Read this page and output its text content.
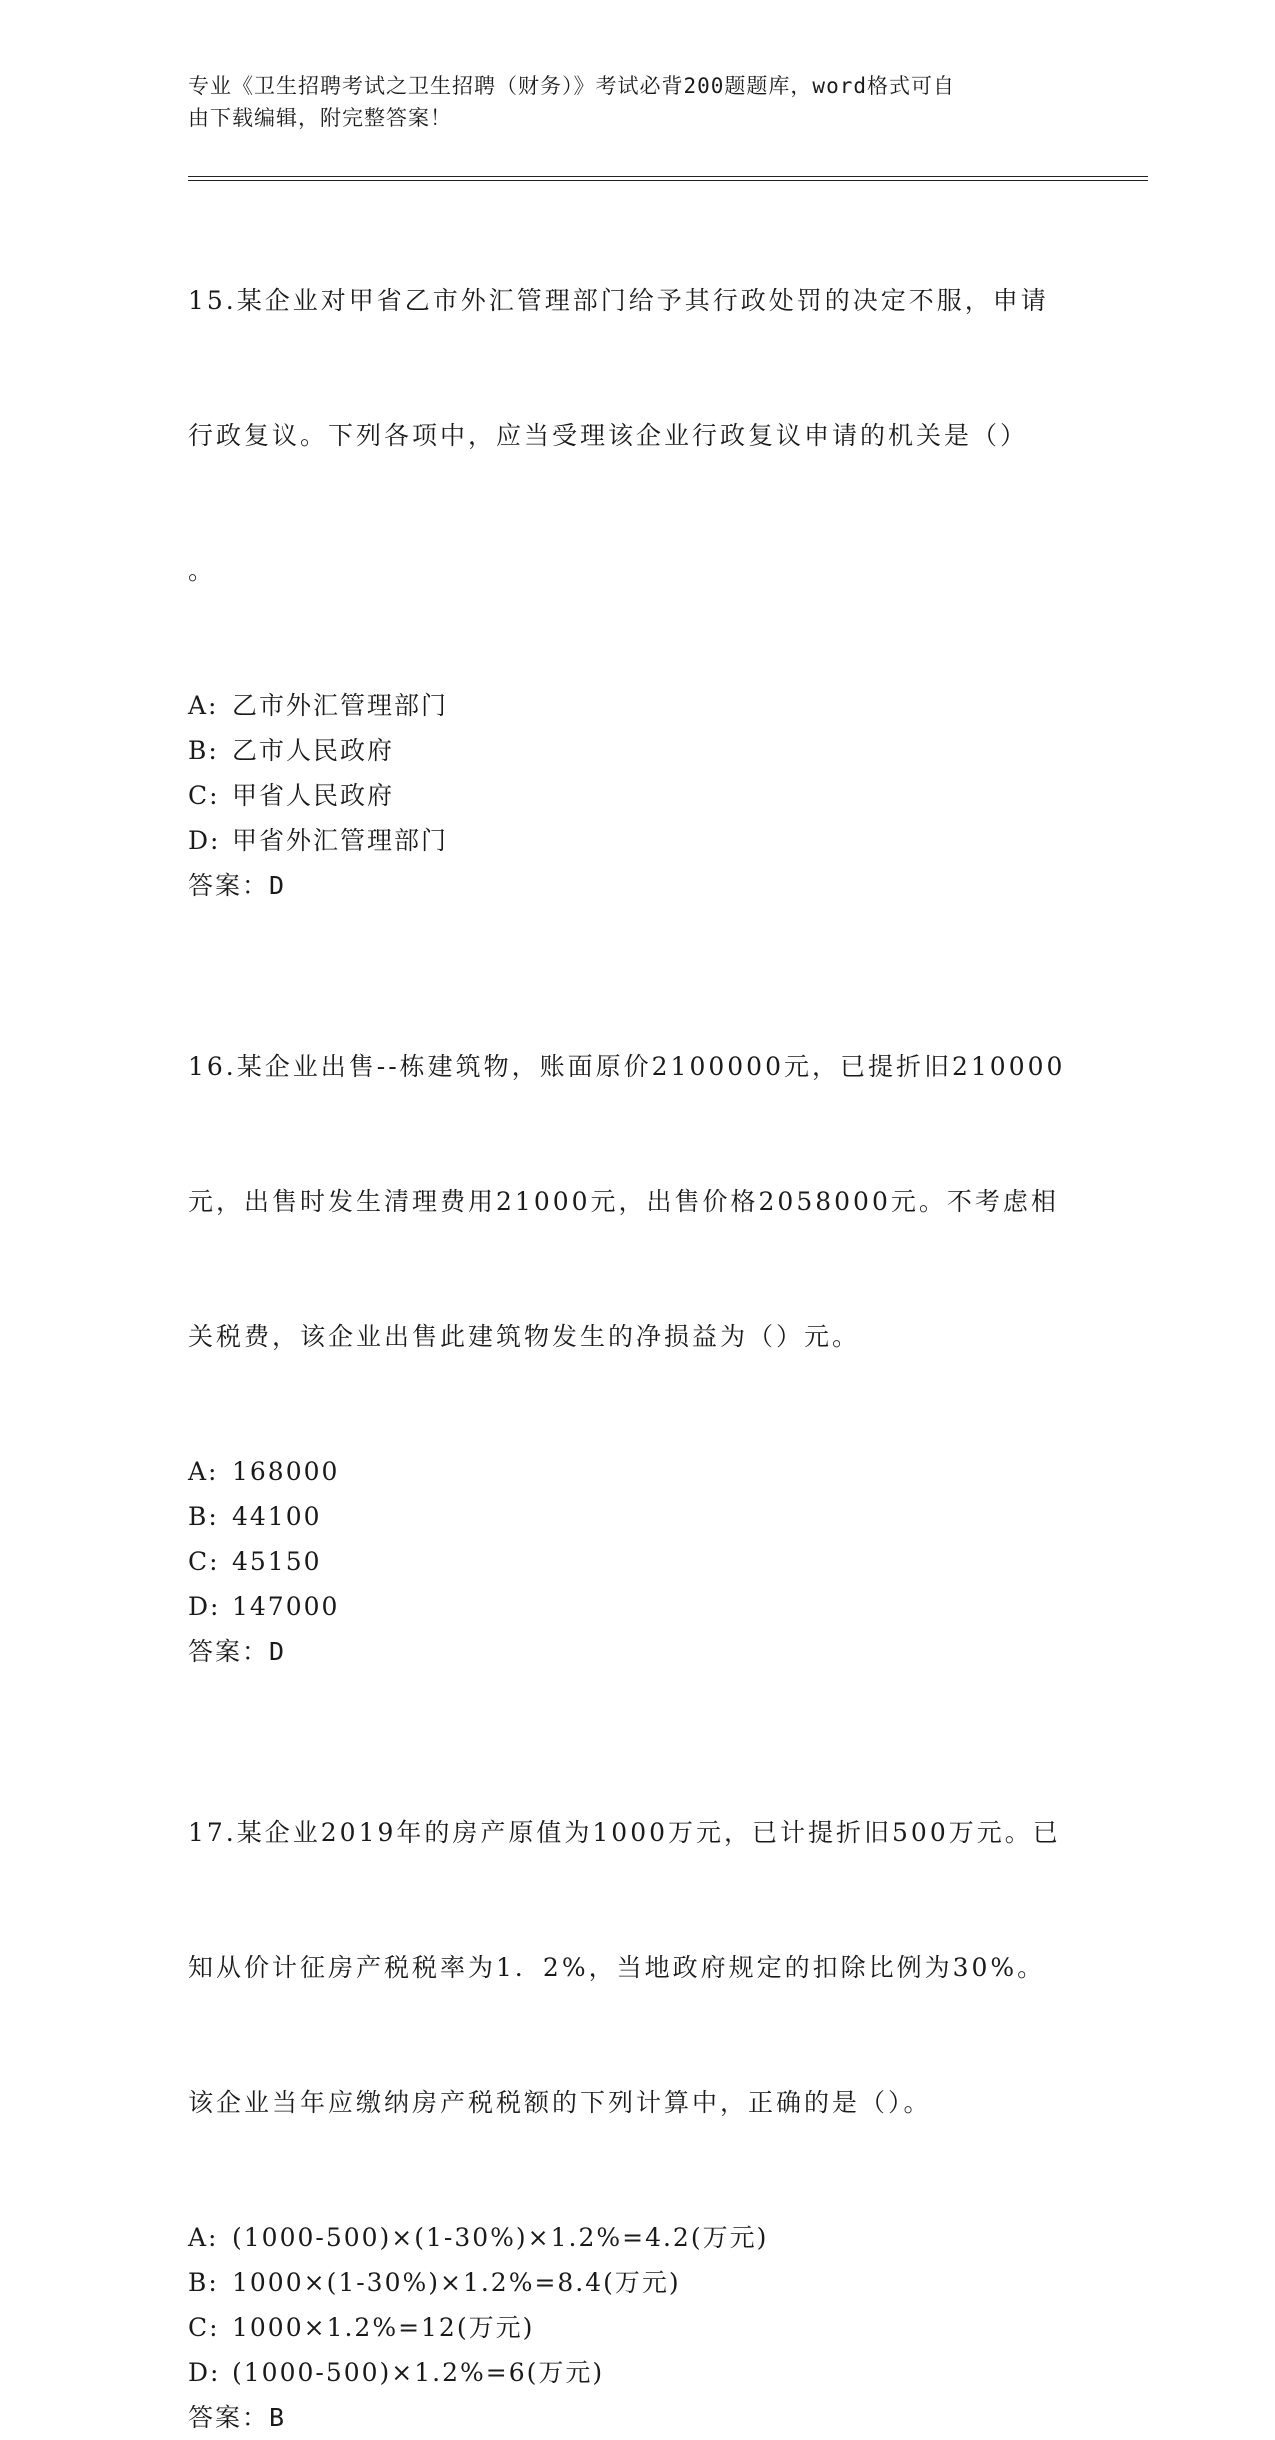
专业《卫生招聘考试之卫生招聘（财务）》考试必背200题题库，word格式可自
由下载编辑，附完整答案！

15.某企业对甲省乙市外汇管理部门给予其行政处罚的决定不服，申请

行政复议。下列各项中，应当受理该企业行政复议申请的机关是（）

。

A: 乙市外汇管理部门
B: 乙市人民政府
C: 甲省人民政府
D: 甲省外汇管理部门
答案：D

16.某企业出售--栋建筑物，账面原价2100000元，已提折旧210000

元，出售时发生清理费用21000元，出售价格2058000元。不考虑相

关税费，该企业出售此建筑物发生的净损益为（）元。

A: 168000
B: 44100
C: 45150
D: 147000
答案：D

17.某企业2019年的房产原值为1000万元，已计提折旧500万元。已

知从价计征房产税税率为1．2%，当地政府规定的扣除比例为30%。

该企业当年应缴纳房产税税额的下列计算中，正确的是（）。

A: (1000-500)×(1-30%)×1.2%=4.2(万元)
B: 1000×(1-30%)×1.2%=8.4(万元)
C: 1000×1.2%=12(万元)
D: (1000-500)×1.2%=6(万元)
答案：B
